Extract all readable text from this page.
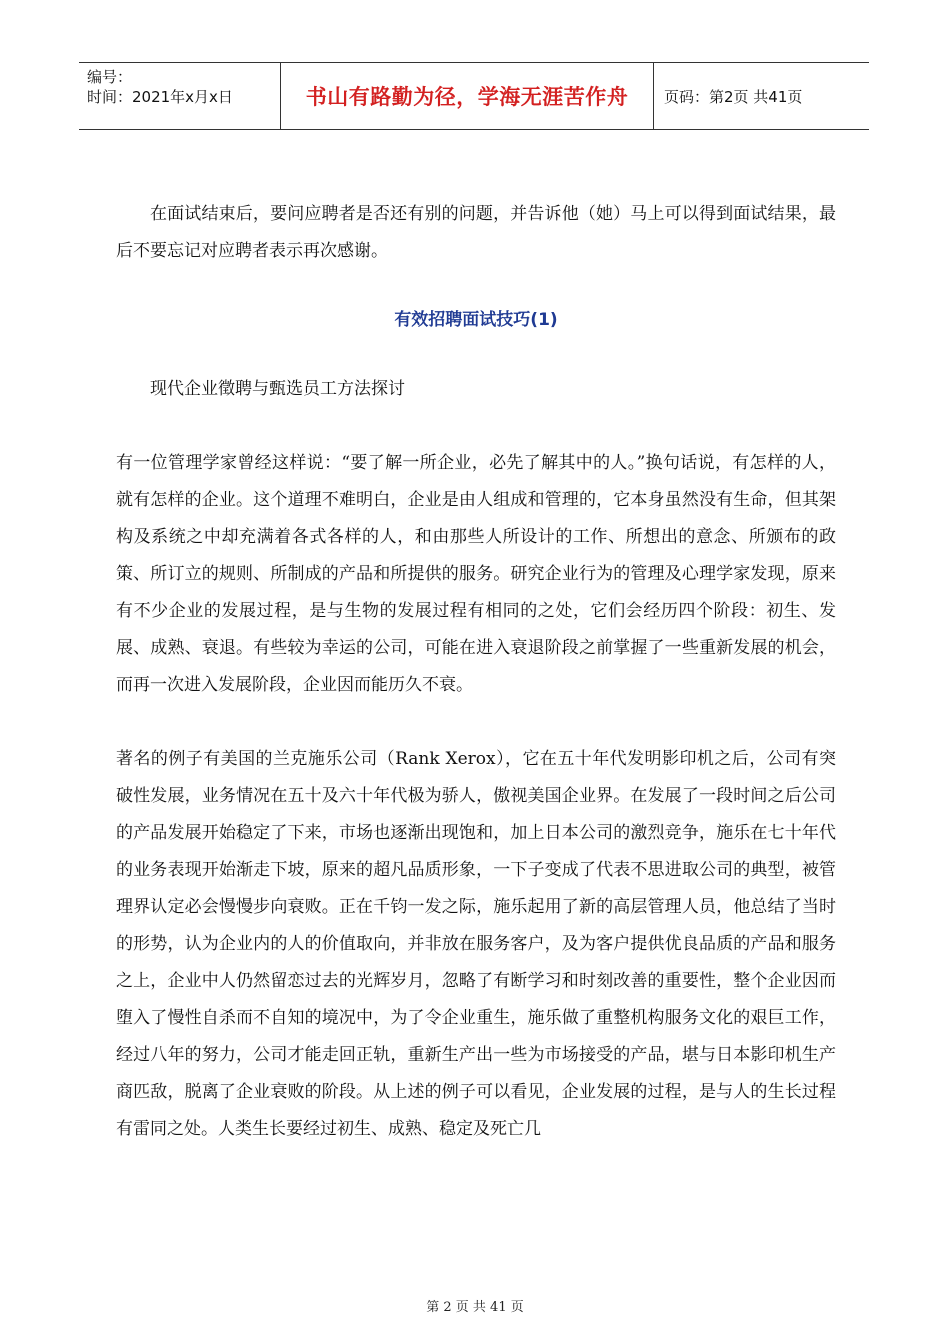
编号：
时间：2021年x月x日	书山有路勤为径，学海无涯苦作舟	页码：第2页 共41页

在面试结束后，要问应聘者是否还有别的问题，并告诉他（她）马上可以得到面试结果，最后不要忘记对应聘者表示再次感谢。

有效招聘面试技巧(1)

现代企业徵聘与甄选员工方法探讨

有一位管理学家曾经这样说：“要了解一所企业，必先了解其中的人。”换句话说，有怎样的人，就有怎样的企业。这个道理不难明白，企业是由人组成和管理的，它本身虽然没有生命，但其架构及系统之中却充满着各式各样的人，和由那些人所设计的工作、所想出的意念、所颁布的政策、所订立的规则、所制成的产品和所提供的服务。研究企业行为的管理及心理学家发现，原来有不少企业的发展过程，是与生物的发展过程有相同的之处，它们会经历四个阶段：初生、发展、成熟、衰退。有些较为幸运的公司，可能在进入衰退阶段之前掌握了一些重新发展的机会，而再一次进入发展阶段，企业因而能历久不衰。

著名的例子有美国的兰克施乐公司（Rank Xerox），它在五十年代发明影印机之后，公司有突破性发展，业务情况在五十及六十年代极为骄人，傲视美国企业界。在发展了一段时间之后公司的产品发展开始稳定了下来，市场也逐渐出现饱和，加上日本公司的激烈竞争，施乐在七十年代的业务表现开始渐走下坡，原来的超凡品质形象，一下子变成了代表不思进取公司的典型，被管理界认定必会慢慢步向衰败。正在千钧一发之际，施乐起用了新的高层管理人员，他总结了当时的形势，认为企业内的人的价值取向，并非放在服务客户，及为客户提供优良品质的产品和服务之上，企业中人仍然留恋过去的光辉岁月，忽略了有断学习和时刻改善的重要性，整个企业因而堕入了慢性自杀而不自知的境况中，为了令企业重生，施乐做了重整机构服务文化的艰巨工作，经过八年的努力，公司才能走回正轨，重新生产出一些为市场接受的产品，堪与日本影印机生产商匹敌，脱离了企业衰败的阶段。从上述的例子可以看见，企业发展的过程，是与人的生长过程有雷同之处。人类生长要经过初生、成熟、稳定及死亡几

第 2 页 共 41 页
